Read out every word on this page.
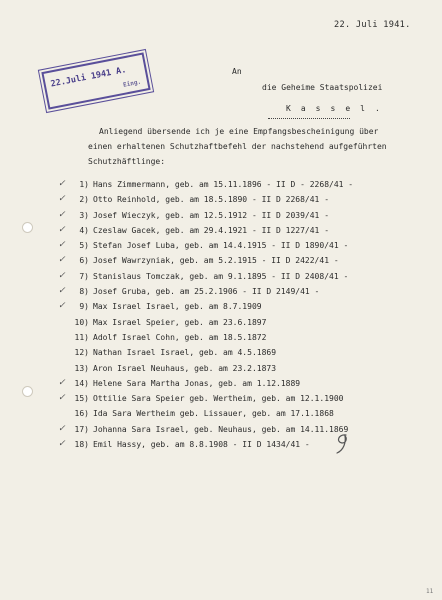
22. Juli 1941.
22.Juli 1941 A.
Eing.
An
die Geheime Staatspolizei
K a s s e l .
Anliegend übersende ich je eine Empfangsbescheinigung über
einen erhaltenen Schutzhaftbefehl der nachstehend aufgeführten
Schutzhäftlinge:
✓ 1) Hans Zimmermann, geb. am 15.11.1896 - II D - 2268/41 -
✓ 2) Otto Reinhold, geb. am 18.5.1890 - II D 2268/41 -
✓ 3) Josef Wieczyk, geb. am 12.5.1912 - II D 2039/41 -
✓ 4) Czeslaw Gacek, geb. am 29.4.1921 - II D 1227/41 -
✓ 5) Stefan Josef Luba, geb. am 14.4.1915 - II D 1890/41 -
✓ 6) Josef Wawrzyniak, geb. am 5.2.1915 - II D 2422/41 -
✓ 7) Stanislaus Tomczak, geb. am 9.1.1895 - II D 2408/41 -
✓ 8) Josef Gruba, geb. am 25.2.1906 - II D 2149/41 -
✓ 9) Max Israel Israel, geb. am 8.7.1909
10) Max Israel Speier, geb. am 23.6.1897
11) Adolf Israel Cohn, geb. am 18.5.1872
12) Nathan Israel Israel, geb. am 4.5.1869
13) Aron Israel Neuhaus, geb. am 23.2.1873
✓ 14) Helene Sara Martha Jonas, geb. am 1.12.1889
✓ 15) Ottilie Sara Speier geb. Wertheim, geb. am 12.1.1900
16) Ida Sara Wertheim geb. Lissauer, geb. am 17.1.1868
✓ 17) Johanna Sara Israel, geb. Neuhaus, geb. am 14.11.1869
✓ 18) Emil Hassy, geb. am 8.8.1908 - II D 1434/41 -
11
